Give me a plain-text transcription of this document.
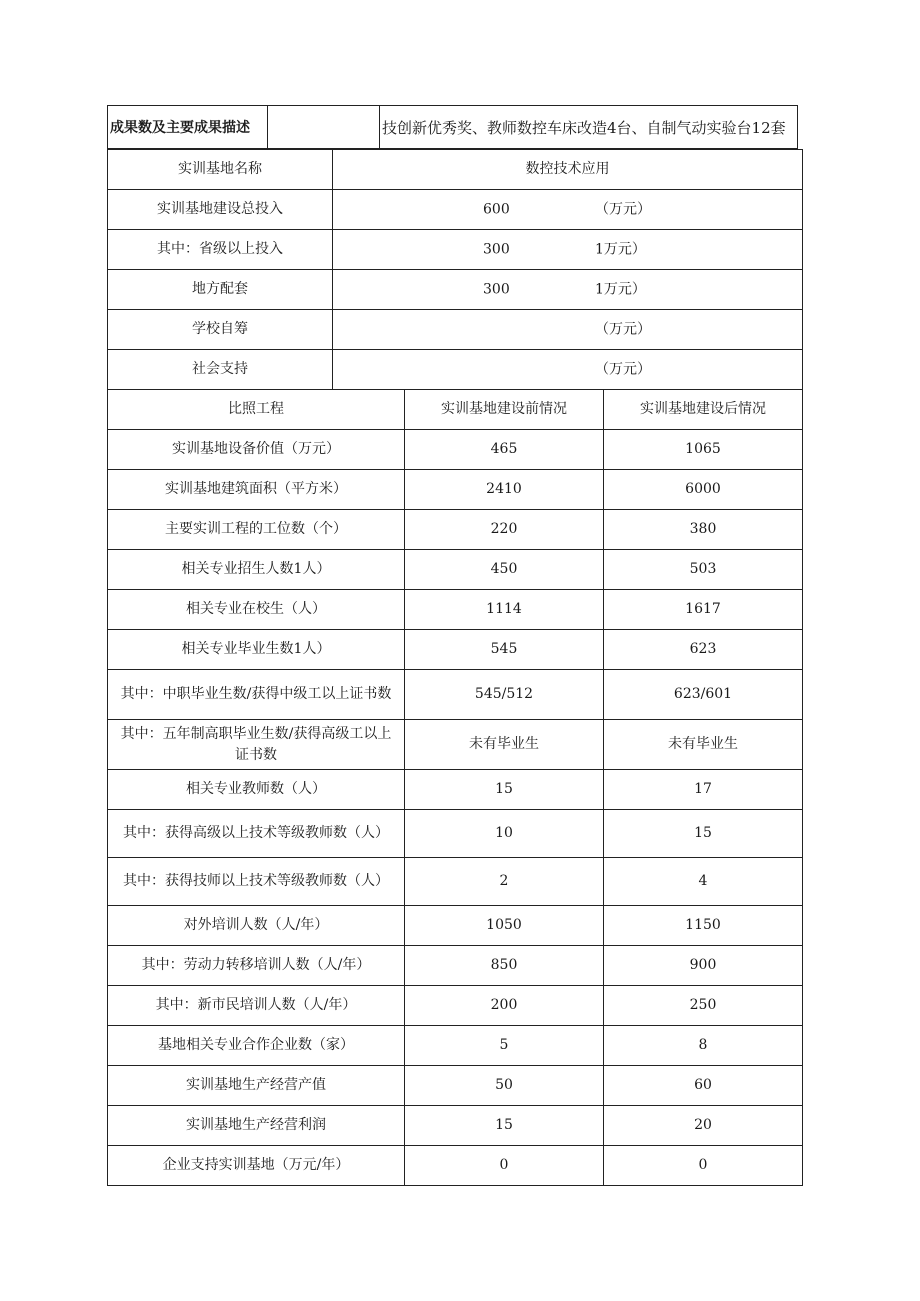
成果数及主要成果描述		技创新优秀奖、教师数控车床改造4台、自制气动实验台12套
实训基地名称	数控技术应用		
实训基地建设总投入	600 （万元）		

其中：省级以上投入	300 1万元）		

地方配套	300 1万元）		

学校自筹	（万元）		

社会支持	（万元）		

比照工程		实训基地建设前情况	实训基地建设后情况
实训基地设备价值（万元）		465	1065
实训基地建筑面积（平方米）		2410	6000
主要实训工程的工位数（个）		220	380
相关专业招生人数1人）		450	503
相关专业在校生（人）		1114	1617
相关专业毕业生数1人）		545	623
其中：中职毕业生数/获得中级工以上证书数		545/512	623/601
其中：五年制高职毕业生数/获得高级工以上证书数		未有毕业生	未有毕业生
相关专业教师数（人）		15	17
其中：获得高级以上技术等级教师数（人）		10	15
其中：获得技师以上技术等级教师数（人）		2	4
对外培训人数（人/年）		1050	1150
其中：劳动力转移培训人数（人/年）		850	900
其中：新市民培训人数（人/年）		200	250
基地相关专业合作企业数（家）		5	8
实训基地生产经营产值		50	60
实训基地生产经营利润		15	20
企业支持实训基地（万元/年）		0	0
